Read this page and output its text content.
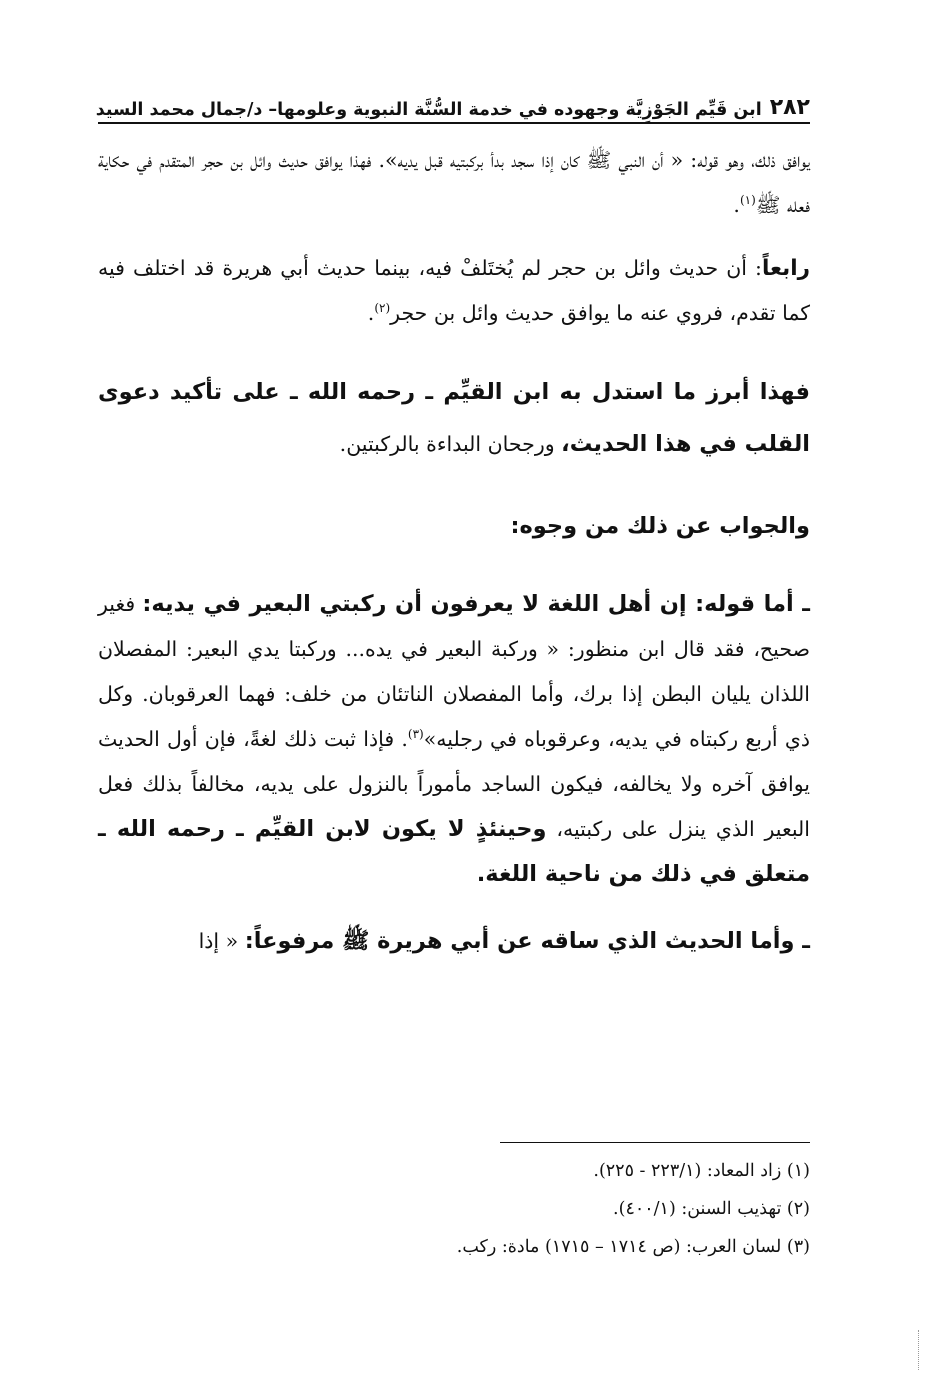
٢٨٢
ابن قَيِّم الجَوْزِيَّة وجهوده في خدمة السُّنَّة النبوية وعلومها– د/جمال محمد السيد

يوافق ذلك، وهو قوله: « أن النبي ﷺ كان إذا سجد بدأ بركبتيه قبل يديه». فهذا يوافق حديث وائل بن حجر المتقدم في حكاية فعله ﷺ$^{(١)}$.

رابعاً: أن حديث وائل بن حجر لم يُختَلفْ فيه، بينما حديث أبي هريرة قد اختلف فيه كما تقدم، فروي عنه ما يوافق حديث وائل بن حجر$^{(٢)}$.

فهذا أبرز ما استدل به ابن القيِّم ـ رحمه الله ـ على تأكيد دعوى القلب في هذا الحديث، ورجحان البداءة بالركبتين.

والجواب عن ذلك من وجوه:

ـ أما قوله: إن أهل اللغة لا يعرفون أن ركبتي البعير في يديه: فغير صحيح، فقد قال ابن منظور: « وركبة البعير في يده... وركبتا يدي البعير: المفصلان اللذان يليان البطن إذا برك، وأما المفصلان الناتئان من خلف: فهما العرقوبان. وكل ذي أربع ركبتاه في يديه، وعرقوباه في رجليه»$^{(٣)}$. فإذا ثبت ذلك لغةً، فإن أول الحديث يوافق آخره ولا يخالفه، فيكون الساجد مأموراً بالنزول على يديه، مخالفاً بذلك فعل البعير الذي ينزل على ركبتيه، وحينئذٍ لا يكون لابن القيِّم ـ رحمه الله ـ متعلق في ذلك من ناحية اللغة.

ـ وأما الحديث الذي ساقه عن أبي هريرة ﷺ مرفوعاً: « إذا

(١) زاد المعاد: (٢٢٣/١ - ٢٢٥).

(٢) تهذيب السنن: (٤٠٠/١).

(٣) لسان العرب: (ص ١٧١٤ – ١٧١٥) مادة: ركب.
